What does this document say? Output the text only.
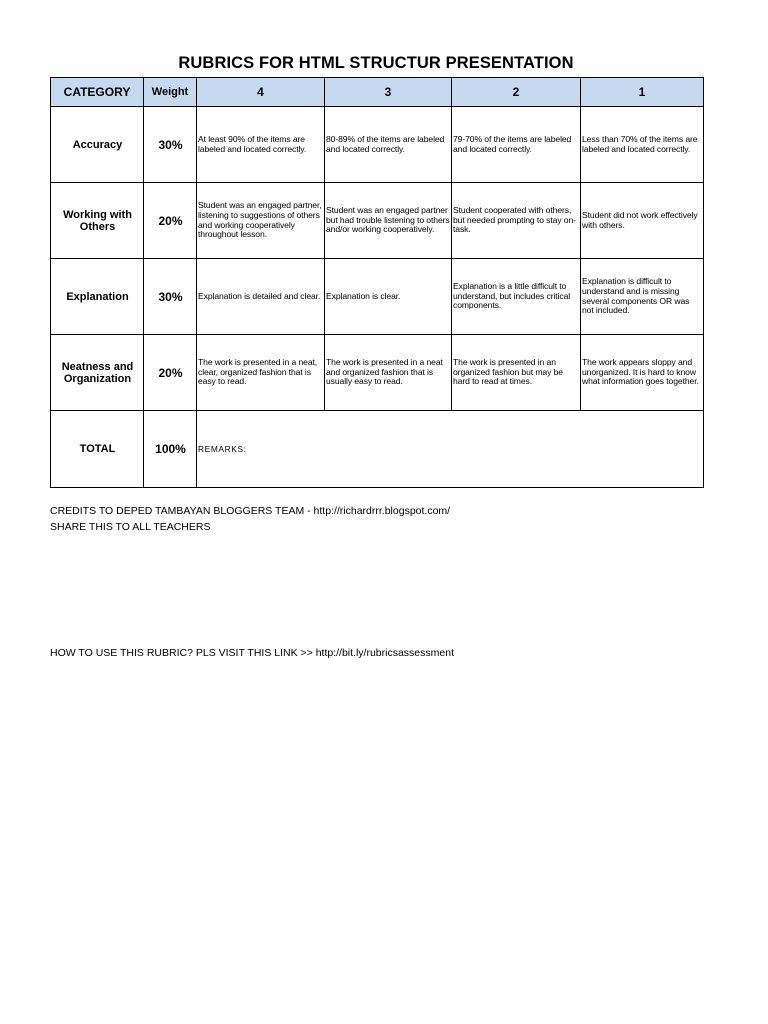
RUBRICS FOR HTML STRUCTUR PRESENTATION
CATEGORY	Weight	4	3	2	1
Accuracy	30%	At least 90% of the items are labeled and located correctly.	80-89% of the items are labeled and located correctly.	79-70% of the items are labeled and located correctly.	Less than 70% of the items are labeled and located correctly.
Working with Others	20%	Student was an engaged partner, listening to suggestions of others and working cooperatively throughout lesson.	Student was an engaged partner but had trouble listening to others and/or working cooperatively.	Student cooperated with others, but needed prompting to stay on-task.	Student did not work effectively with others.
Explanation	30%	Explanation is detailed and clear.	Explanation is clear.	Explanation is a little difficult to understand, but includes critical components.	Explanation is difficult to understand and is missing several components OR was not included.
Neatness and Organization	20%	The work is presented in a neat, clear, organized fashion that is easy to read.	The work is presented in a neat and organized fashion that is usually easy to read.	The work is presented in an organized fashion but may be hard to read at times.	The work appears sloppy and unorganized. It is hard to know what information goes together.
TOTAL	100%	REMARKS:			
CREDITS TO DEPED TAMBAYAN BLOGGERS TEAM - http://richardrrr.blogspot.com/
SHARE THIS TO ALL TEACHERS
HOW TO USE THIS RUBRIC? PLS VISIT THIS LINK >> http://bit.ly/rubricsassessment
